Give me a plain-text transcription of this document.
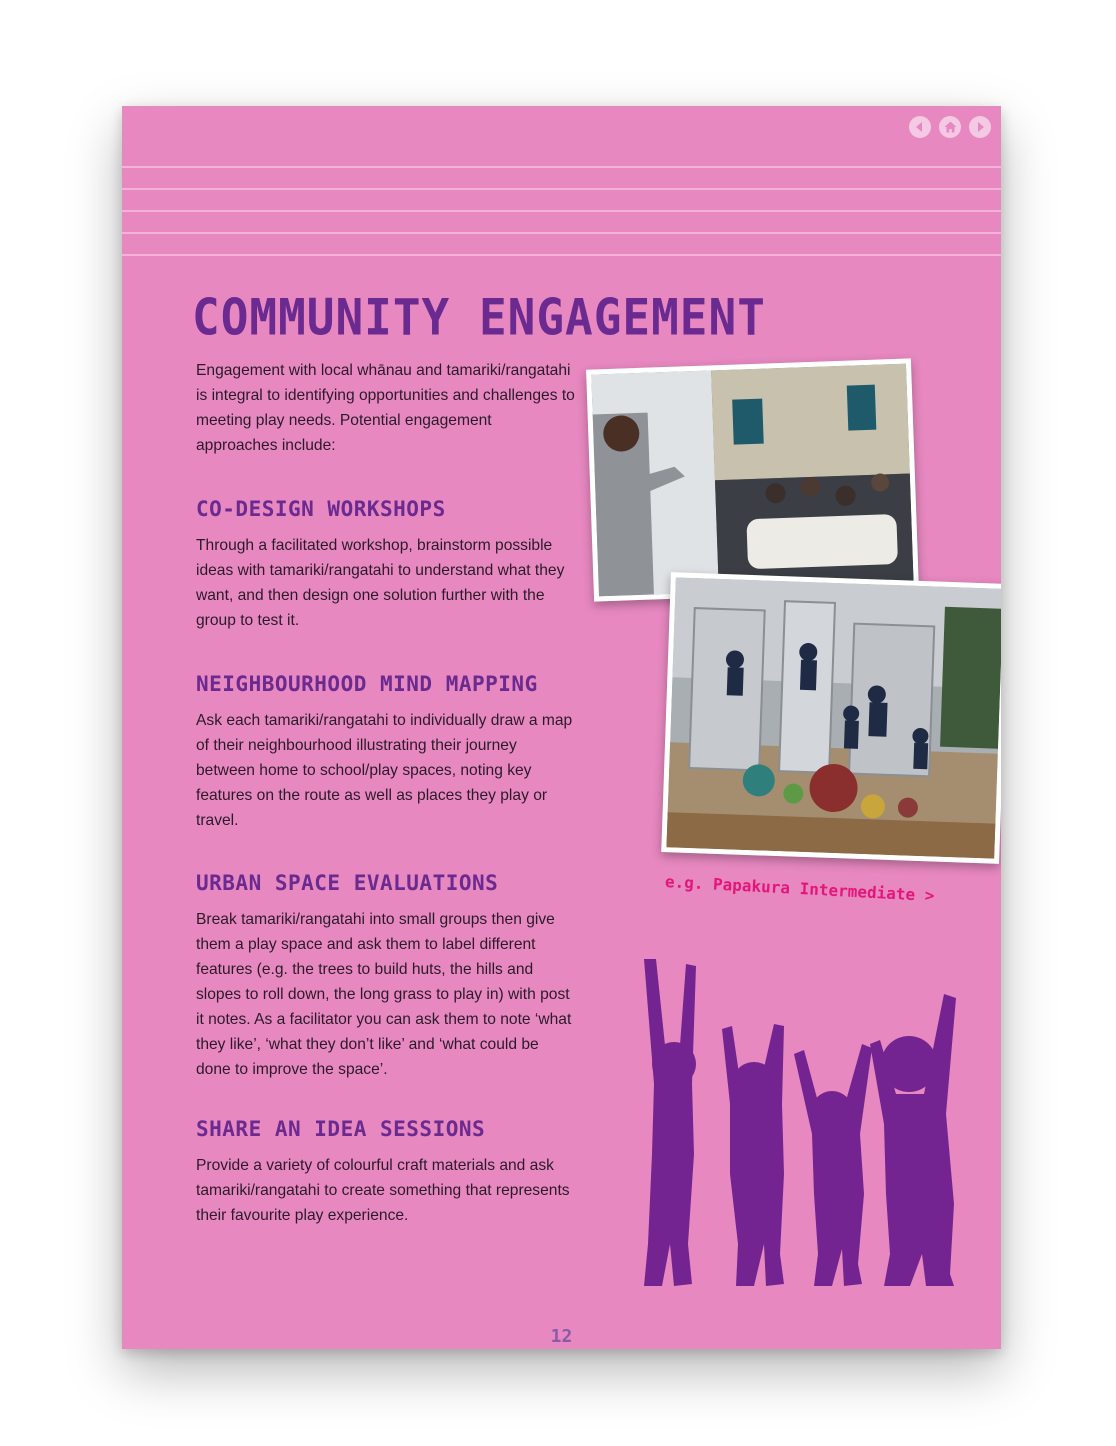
COMMUNITY ENGAGEMENT

Engagement with local whānau and tamariki/rangatahi is integral to identifying opportunities and challenges to meeting play needs. Potential engagement approaches include:

CO-DESIGN WORKSHOPS

Through a facilitated workshop, brainstorm possible ideas with tamariki/rangatahi to understand what they want, and then design one solution further with the group to test it.

NEIGHBOURHOOD MIND MAPPING

Ask each tamariki/rangatahi to individually draw a map of their neighbourhood illustrating their journey between home to school/play spaces, noting key features on the route as well as places they play or travel.

URBAN SPACE EVALUATIONS

Break tamariki/rangatahi into small groups then give them a play space and ask them to label different features (e.g. the trees to build huts, the hills and slopes to roll down, the long grass to play in) with post it notes. As a facilitator you can ask them to note ‘what they like’, ‘what they don’t like’ and ‘what could be done to improve the space’.

SHARE AN IDEA SESSIONS

Provide a variety of colourful craft materials and ask tamariki/rangatahi to create something that represents their favourite play experience.

e.g. Papakura Intermediate >

12
